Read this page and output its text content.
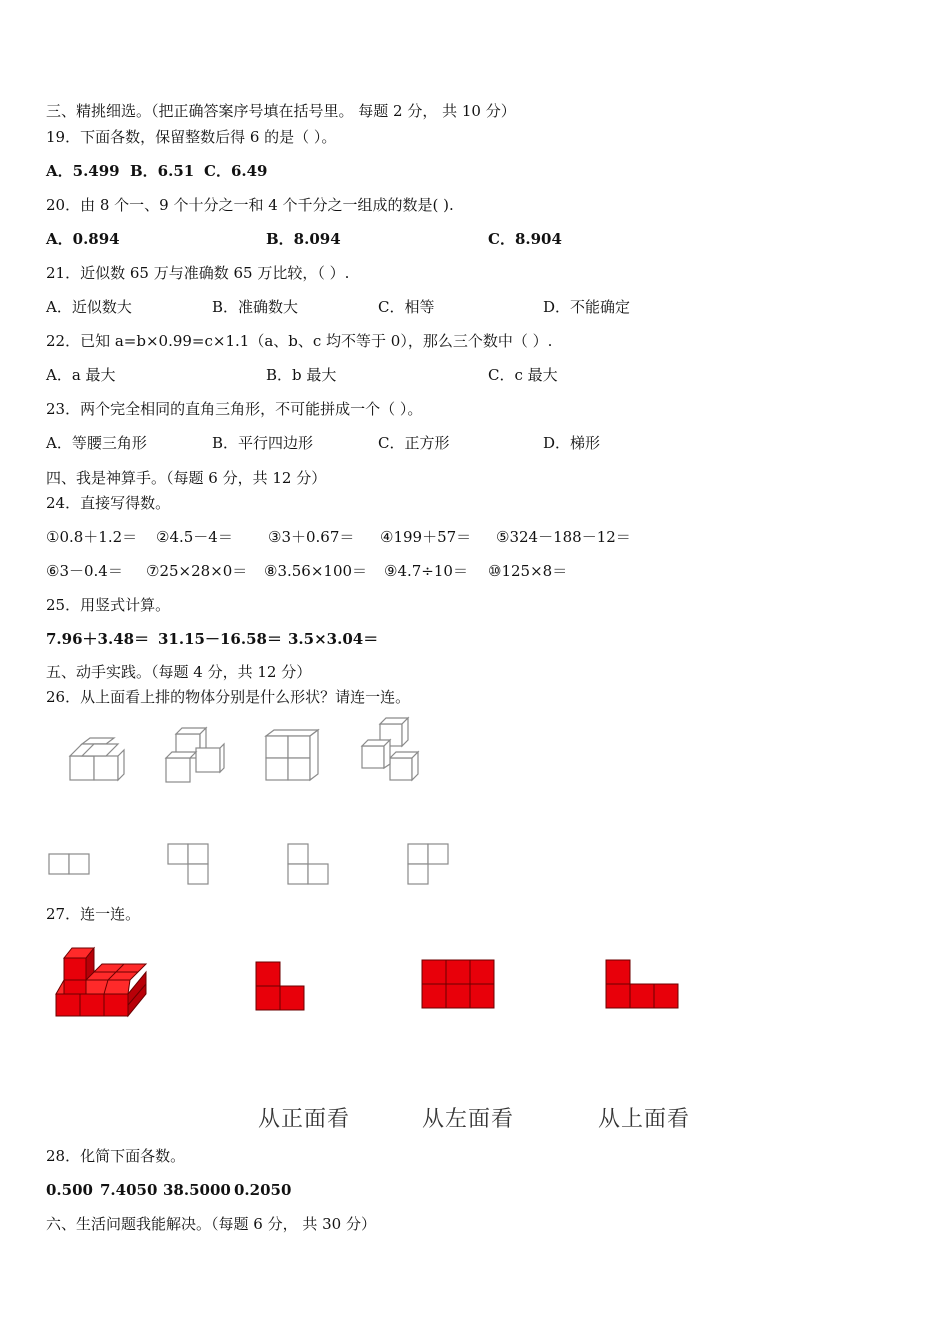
三、精挑细选。（把正确答案序号填在括号里。 每题 2 分， 共 10 分）
19．下面各数，保留整数后得 6 的是（ ）。
A．5.499 B．6.51 C．6.49
20．由 8 个一、9 个十分之一和 4 个千分之一组成的数是( ).
A．0.894	B．8.094	C．8.904
21．近似数 65 万与准确数 65 万比较，（ ）.
A．近似数大	B．准确数大	C．相等	D．不能确定
22．已知 a=b×0.99=c×1.1（a、b、c 均不等于 0），那么三个数中（ ）.
A．a 最大	B．b 最大	C．c 最大
23．两个完全相同的直角三角形，不可能拼成一个（ ）。
A．等腰三角形	B．平行四边形	C．正方形	D．梯形
四、我是神算手。（每题 6 分，共 12 分）
24．直接写得数。
①0.8＋1.2＝ ②4.5－4＝ ③3＋0.67＝ ④199＋57＝ ⑤324－188－12＝
⑥3－0.4＝ ⑦25×28×0＝ ⑧3.56×100＝ ⑨4.7÷10＝ ⑩125×8＝
25．用竖式计算。
7.96＋3.48＝ 31.15－16.58＝ 3.5×3.04＝
五、动手实践。（每题 4 分，共 12 分）
26．从上面看上排的物体分别是什么形状？请连一连。
27．连一连。
从正面看	从左面看	从上面看
28．化简下面各数。
0.500 7.4050 38.5000 0.2050
六、生活问题我能解决。（每题 6 分， 共 30 分）
